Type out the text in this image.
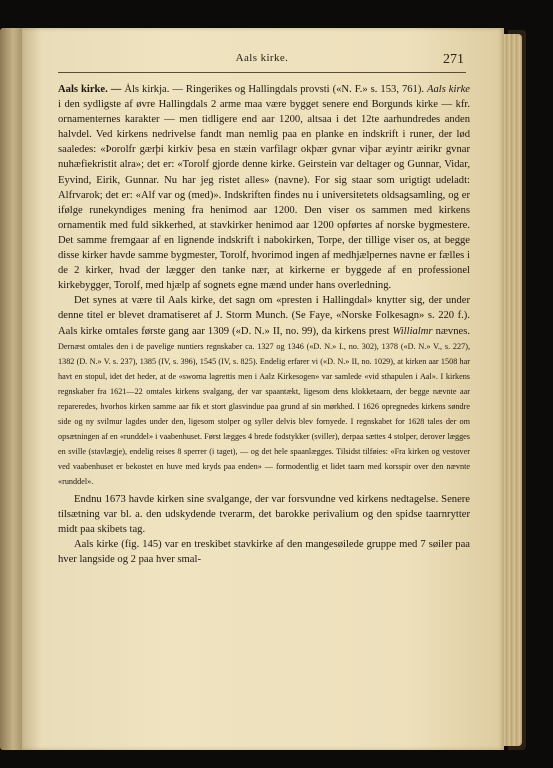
Aals kirke.	271

Aals kirke. — Ȧls kirkja. — Ringerikes og Hallingdals provsti («N. F.» s. 153, 761). Aals kirke i den sydligste af øvre Hallingdals 2 arme maa være bygget senere end Borgunds kirke — kfr. ornamenternes karakter — men tidligere end aar 1200, altsaa i det 12te aarhundredes anden halvdel. Ved kirkens nedrivelse fandt man nemlig paa en planke en indskrift i runer, der lød saaledes: «Þorolfr gærþi kirkiv þesa en stæin varfilagr okþær gvnar viþar æyintr æirikr gvnar nuhæfiekristit alra»; det er: «Torolf gjorde denne kirke. Geirstein var deltager og Gunnar, Vidar, Eyvind, Eirik, Gunnar. Nu har jeg ristet alles» (navne). For sig staar som urigtigt udeladt: Alfrvarok; det er: «Alf var og (med)». Indskriften findes nu i universitetets oldsagsamling, og er ifølge runekyndiges mening fra henimod aar 1200. Den viser os sammen med kirkens ornamentik med fuld sikkerhed, at stavkirker henimod aar 1200 opførtes af norske bygmestere. Det samme fremgaar af en lignende indskrift i nabokirken, Torpe, der tillige viser os, at begge disse kirker havde samme bygmester, Torolf, hvorimod ingen af medhjælpernes navne er fælles i de 2 kirker, hvad der lægger den tanke nær, at kirkerne er byggede af en professionel kirkebygger, Torolf, med hjælp af sognets egne mænd under hans overledning.

Det synes at være til Aals kirke, det sagn om «presten i Hallingdal» knytter sig, der under denne titel er blevet dramatiseret af J. Storm Munch. (Se Faye, «Norske Folkesagn» s. 220 f.). Aals kirke omtales første gang aar 1309 («D. N.» II, no. 99), da kirkens prest Willialmr nævnes. Dernæst omtales den i de pavelige nuntiers regnskaber ca. 1327 og 1346 («D. N.» I., no. 302), 1378 («D. N.» V., s. 227), 1382 (D. N.» V. s. 237), 1385 (IV, s. 396), 1545 (IV, s. 825). Endelig erfarer vi («D. N.» II, no. 1029), at kirken aar 1508 har havt en stopul, idet det heder, at de «sworna lagrettis men i Aalz Kirkesogen» var samlede «vid sthapulen i Aal». I kirkens regnskaber fra 1621—22 omtales kirkens svalgang, der var spaantækt, ligesom dens klokketaarn, der begge nævnte aar repareredes, hvorhos kirken samme aar fik et stort glasvindue paa grund af sin mørkhed. I 1626 opregnedes kirkens søndre side og ny svilmur lagdes under den, ligesom stolper og syller delvis blev fornyede. I regnskabet for 1628 tales der om opsætningen af en «runddel» i vaabenhuset. Først lægges 4 brede fodstykker (sviller), derpaa sættes 4 stolper, derover lægges en sville (stavlægje), endelig reises 8 sperrer (i taget), — og det hele spaanlægges. Tilsidst tilføies: «Fra kirken og vestover ved vaabenhuset er bekostet en huve med kryds paa enden» — formodentlig et lidet taarn med korsspir over den nævnte «runddel».

Endnu 1673 havde kirken sine svalgange, der var forsvundne ved kirkens nedtagelse. Senere tilsætning var bl. a. den udskydende tverarm, det barokke perivalium og den spidse taarnrytter midt paa skibets tag.

Aals kirke (fig. 145) var en treskibet stavkirke af den mangesøilede gruppe med 7 søiler paa hver langside og 2 paa hver smal-
